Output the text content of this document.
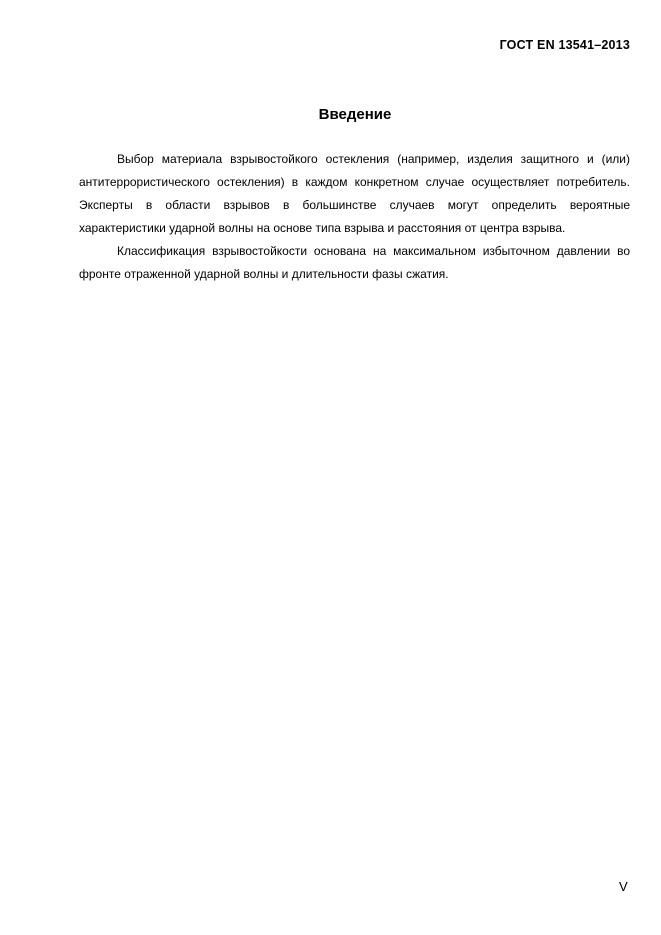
ГОСТ EN 13541–2013
Введение

Выбор материала взрывостойкого остекления (например, изделия защитного и (или) антитеррористического остекления) в каждом конкретном случае осуществляет потребитель. Эксперты в области взрывов в большинстве случаев могут определить вероятные характеристики ударной волны на основе типа взрыва и расстояния от центра взрыва.

Классификация взрывостойкости основана на максимальном избыточном давлении во фронте отраженной ударной волны и длительности фазы сжатия.

V
